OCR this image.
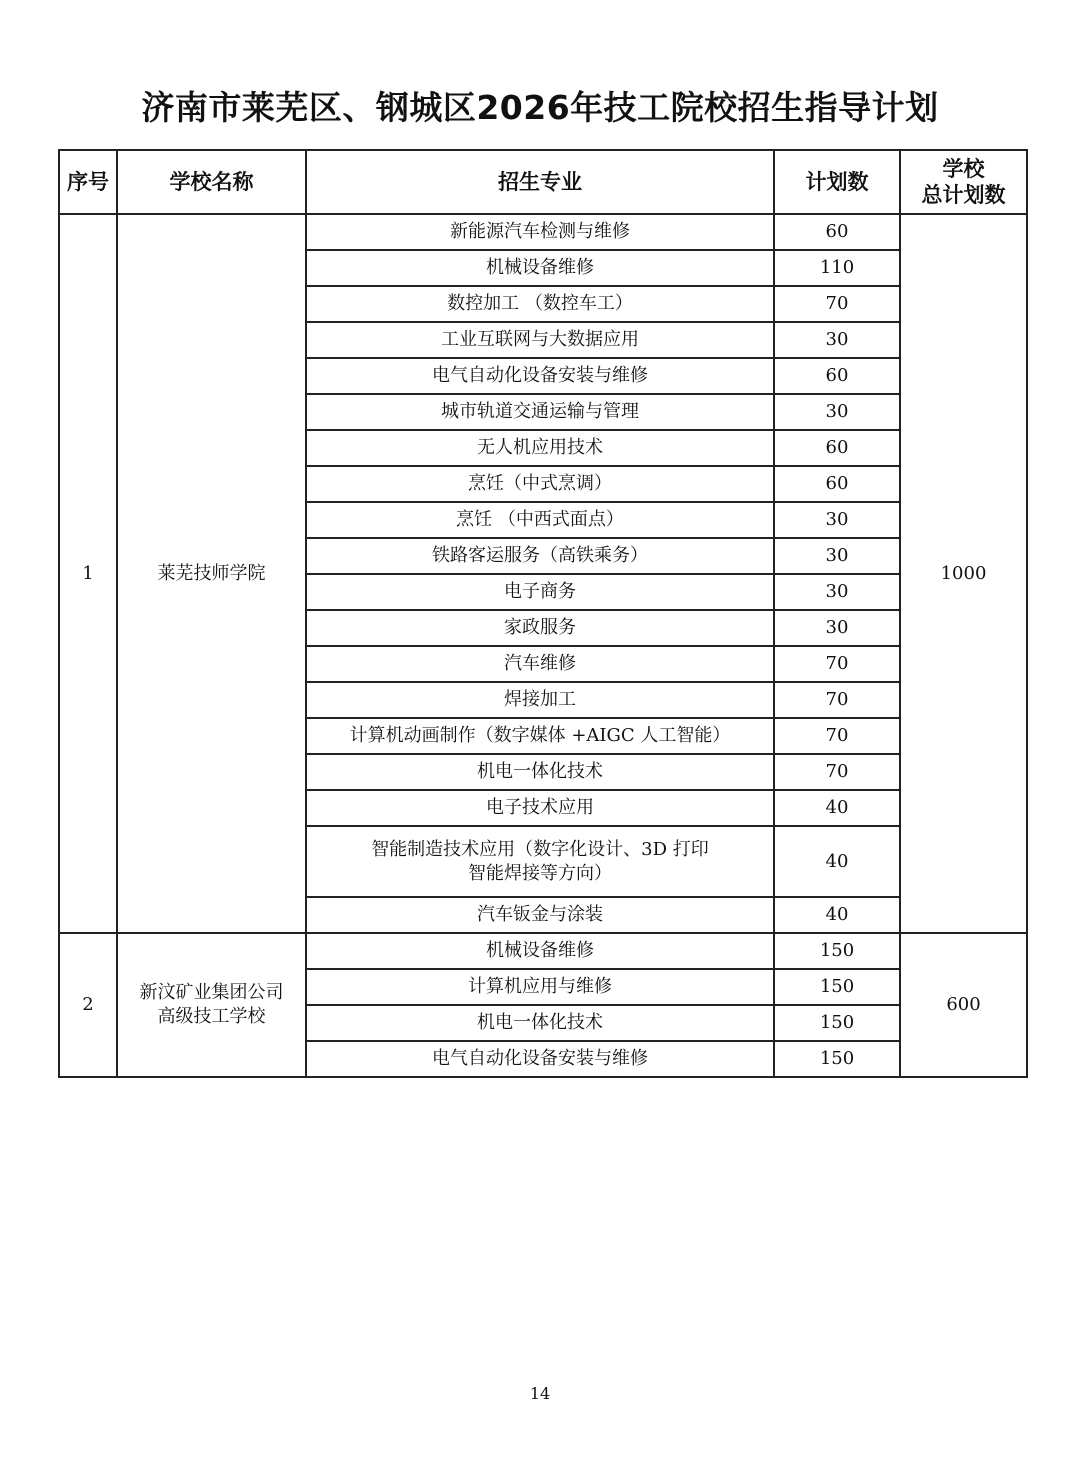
济南市莱芜区、钢城区2026年技工院校招生指导计划
序号	学校名称	招生专业	计划数	学校
总计划数

1	莱芜技师学院	新能源汽车检测与维修	60	1000

		机械设备维修	110	

		数控加工 （数控车工）	70	

		工业互联网与大数据应用	30	

		电气自动化设备安装与维修	60	

		城市轨道交通运输与管理	30	

		无人机应用技术	60	

		烹饪（中式烹调）	60	

		烹饪 （中西式面点）	30	

		铁路客运服务（高铁乘务）	30	

		电子商务	30	

		家政服务	30	

		汽车维修	70	

		焊接加工	70	

		计算机动画制作（数字媒体 +AIGC 人工智能）	70	

		机电一体化技术	70	

		电子技术应用	40	

		智能制造技术应用（数字化设计、3D 打印
智能焊接等方向）	40	

		汽车钣金与涂装	40	
2	新汶矿业集团公司
高级技工学校	机械设备维修	150	600

		计算机应用与维修	150	

		机电一体化技术	150	

		电气自动化设备安装与维修	150	
14
